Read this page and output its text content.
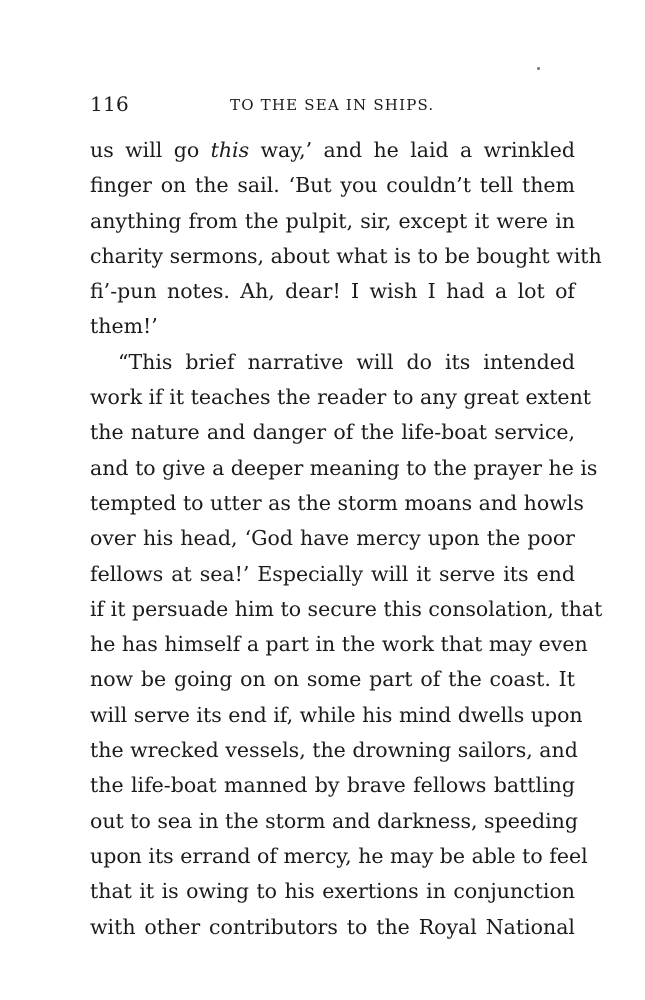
116	TO THE SEA IN SHIPS.
us will go this way,’ and he laid a wrinkled
finger on the sail. ‘But you couldn’t tell them
anything from the pulpit, sir, except it were in
charity sermons, about what is to be bought with
fi’-pun notes. Ah, dear! I wish I had a lot of
them!’
“This brief narrative will do its intended
work if it teaches the reader to any great extent
the nature and danger of the life-boat service,
and to give a deeper meaning to the prayer he is
tempted to utter as the storm moans and howls
over his head, ‘God have mercy upon the poor
fellows at sea!’ Especially will it serve its end
if it persuade him to secure this consolation, that
he has himself a part in the work that may even
now be going on on some part of the coast. It
will serve its end if, while his mind dwells upon
the wrecked vessels, the drowning sailors, and
the life-boat manned by brave fellows battling
out to sea in the storm and darkness, speeding
upon its errand of mercy, he may be able to feel
that it is owing to his exertions in conjunction
with other contributors to the Royal National
